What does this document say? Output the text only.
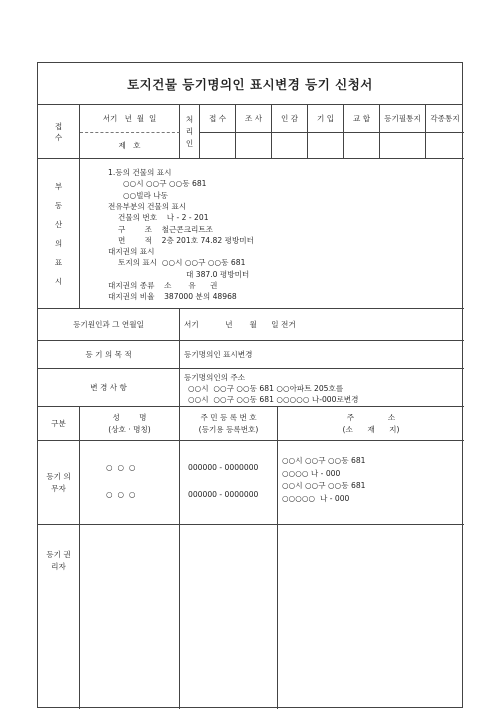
토지건물 등기명의인 표시변경 등기 신청서
접 수
서기   년  월  일
제   호
처 리 인
접 수 조 사 인 감 기 입 교 합 등기필통지 각종통지
부 동 산 의 표 시
1.등의 건물의 표시
○○시 ○○구 ○○동 681
○○빌라 나동
전유부분의 건물의 표시
건물의 번호    나 - 2 - 201
구        조    철근콘크리트조
면        적    2층 201호 74.82 평방미터
대지권의 표시
토지의 표시  ○○시 ○○구 ○○동 681
대 387.0 평방미터
대지권의 종류    소       유      권
대지권의 비율    387000 분의 48968
등기원인과 그 연월일	서기           년       월      일 전거
등 기 의 목 적	등기명의인 표시변경
변 경 사 항
등기명의인의 주소
○○시  ○○구 ○○동 681 ○○아파트 205호를
○○시  ○○구 ○○동 681 ○○○○○ 나-000로변경
구분
성        명
(상호 · 명칭)
주 민 등 록 번 호
(등기용 등록번호)
주              소
(소      재      지)
등기 의무자
○  ○  ○
○  ○  ○
000000 - 0000000
000000 - 0000000
○○시 ○○구 ○○동 681
○○○○ 나 - 000
○○시 ○○구 ○○동 681
○○○○○  나 - 000
등기 권리자
